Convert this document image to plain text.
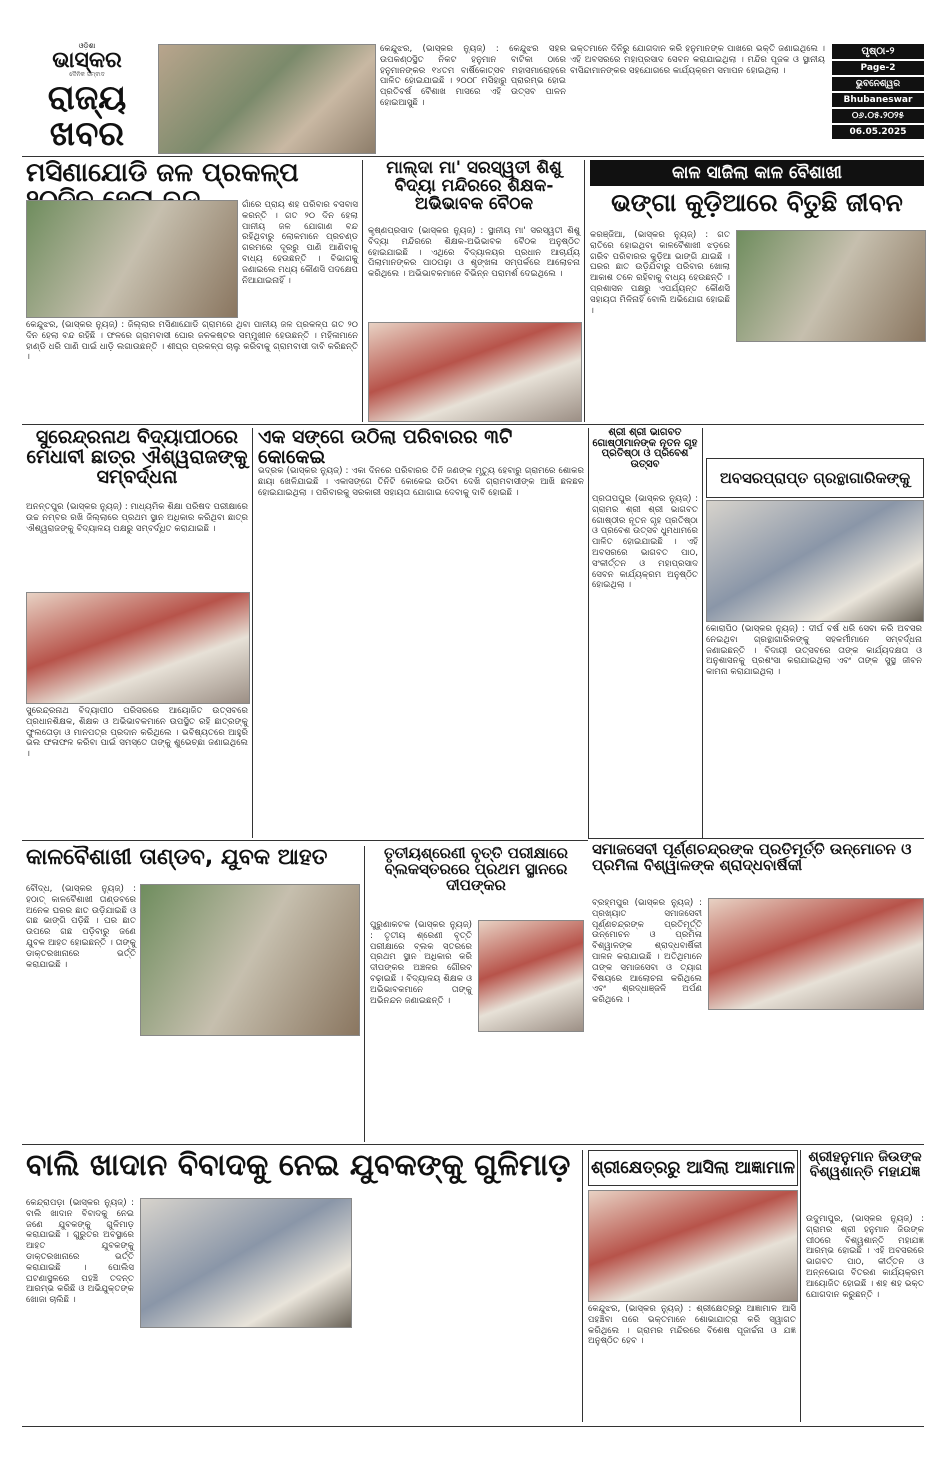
ଓଡ଼ିଶା
ଭାସ୍କର
ଦୈନିକ ସମ୍ବାଦ
ରାଜ୍ୟ
ଖବର

କେନ୍ଦୁଝର, (ଭାସ୍କର ନ୍ୟୁଜ୍) : କେନ୍ଦୁଝର ସହର ଉପକଣ୍ଠସ୍ଥିତ ନିକଟ ହନୁମାନ ବାଟିକା ଠାରେ ହନୁମାନଙ୍କର ୧୪ତମ ବାର୍ଷିକୋତ୍ସବ ମହାସମାରୋହରେ ପାଳିତ ହୋଇଯାଇଛି । ୨୦୦୮ ମସିହାରୁ ପ୍ରାରମ୍ଭ ହୋଇ ପ୍ରତିବର୍ଷ ବୈଶାଖ ମାସରେ ଏହି ଉତ୍ସବ ପାଳନ ହୋଇଆସୁଛି ।

ଭକ୍ତମାନେ ଦିନିରୁ ଯୋଗଦାନ କରି ହନୁମାନଙ୍କ ପାଖରେ ଭକ୍ତି ଜଣାଇଥିଲେ । ଏହି ଅବସରରେ ମହାପ୍ରସାଦ ସେବନ କରାଯାଇଥିଲା । ମନ୍ଦିର ପୂଜକ ଓ ସ୍ଥାନୀୟ ବାସିନ୍ଦାମାନଙ୍କର ସହଯୋଗରେ କାର୍ଯ୍ୟକ୍ରମ ସମାପନ ହୋଇଥିଲା ।

ପୃଷ୍ଠା-୨
Page-2
ଭୁବନେଶ୍ୱର
Bhubaneswar
୦୬.୦୫.୨୦୨୫
06.05.2025
ମସିଣାଯୋଡି ଜଳ ପ୍ରକଳ୍ପ

ଗାଁରେ ପ୍ରାୟ ଶହ ପରିବାର ବସବାସ କରନ୍ତି । ଗତ ୨୦ ଦିନ ହେଲା ପାନୀୟ ଜଳ ଯୋଗାଣ ବନ୍ଦ ରହିଥିବାରୁ ଲୋକମାନେ ପ୍ରଚଣ୍ଡ ଗରମରେ ଦୂରରୁ ପାଣି ଆଣିବାକୁ ବାଧ୍ୟ ହେଉଛନ୍ତି । ବିଭାଗକୁ ଜଣାଇଲେ ମଧ୍ୟ କୌଣସି ପଦକ୍ଷେପ ନିଆଯାଇନାହିଁ ।

କେନ୍ଦୁଝର, (ଭାସ୍କର ନ୍ୟୁଜ୍) : ଜିଲ୍ଲାର ମସିଣାଯୋଡି ଗ୍ରାମରେ ଥିବା ପାନୀୟ ଜଳ ପ୍ରକଳ୍ପ ଗତ ୨୦ ଦିନ ହେଲା ବନ୍ଦ ରହିଛି । ଫଳରେ ଗ୍ରାମବାସୀ ଘୋର ଜଳକଷ୍ଟର ସମ୍ମୁଖୀନ ହେଉଛନ୍ତି । ମହିଳାମାନେ ହାଣ୍ଡି ଧରି ପାଣି ପାଇଁ ଧାଡ଼ି ଲଗାଉଛନ୍ତି । ଶୀଘ୍ର ପ୍ରକଳ୍ପ ଚାଲୁ କରିବାକୁ ଗ୍ରାମବାସୀ ଦାବି କରିଛନ୍ତି ।

ମାଲ୍ଦା ମା' ସରସ୍ୱତୀ ଶିଶୁ ବିଦ୍ୟା ମନ୍ଦିରରେ ଶିକ୍ଷକ-ଅଭିଭାବକ ବୈଠକ

କୃଷ୍ଣପ୍ରସାଦ (ଭାସ୍କର ନ୍ୟୁଜ୍) : ସ୍ଥାନୀୟ ମା' ସରସ୍ୱତୀ ଶିଶୁ ବିଦ୍ୟା ମନ୍ଦିରରେ ଶିକ୍ଷକ-ଅଭିଭାବକ ବୈଠକ ଅନୁଷ୍ଠିତ ହୋଇଯାଇଛି । ଏଥିରେ ବିଦ୍ୟାଳୟର ପ୍ରଧାନ ଆଚାର୍ଯ୍ୟ ପିଲାମାନଙ୍କର ପାଠପଢ଼ା ଓ ଶୃଙ୍ଖଳା ସମ୍ପର୍କରେ ଆଲୋଚନା କରିଥିଲେ । ଅଭିଭାବକମାନେ ବିଭିନ୍ନ ପରାମର୍ଶ ଦେଇଥିଲେ ।

କାଳ ସାଜିଲା କାଳ ବୈଶାଖୀ
ଭଙ୍ଗା କୁଡ଼ିଆରେ ବିତୁଛି ଜୀବନ

କରଞ୍ଜିଆ, (ଭାସ୍କର ନ୍ୟୁଜ୍) : ଗତ ରାତିରେ ହୋଇଥିବା କାଳବୈଶାଖୀ ଝଡ଼ରେ ଗରିବ ପରିବାରର କୁଡ଼ିଆ ଭାଙ୍ଗି ଯାଇଛି । ଘରର ଛାତ ଉଡ଼ିଯିବାରୁ ପରିବାର ଖୋଲା ଆକାଶ ତଳେ ରହିବାକୁ ବାଧ୍ୟ ହେଉଛନ୍ତି । ପ୍ରଶାସନ ପକ୍ଷରୁ ଏପର୍ଯ୍ୟନ୍ତ କୌଣସି ସହାୟତା ମିଳିନାହିଁ ବୋଲି ଅଭିଯୋଗ ହୋଇଛି ।

ସୁରେନ୍ଦ୍ରନାଥ ବିଦ୍ୟାପୀଠରେ ମେଧାବୀ ଛାତ୍ର ଐଶ୍ୱରାଜଙ୍କୁ ସମ୍ବର୍ଦ୍ଧନା

ଅନନ୍ତପୁର (ଭାସ୍କର ନ୍ୟୁଜ୍) : ମାଧ୍ୟମିକ ଶିକ୍ଷା ପରିଷଦ ପରୀକ୍ଷାରେ ଉଚ୍ଚ ନମ୍ବର ରଖି ଜିଲ୍ଲାରେ ପ୍ରଥମ ସ୍ଥାନ ଅଧିକାର କରିଥିବା ଛାତ୍ର ଐଶ୍ୱରାଜଙ୍କୁ ବିଦ୍ୟାଳୟ ପକ୍ଷରୁ ସମ୍ବର୍ଦ୍ଧିତ କରାଯାଇଛି ।

ସୁରେନ୍ଦ୍ରନାଥ ବିଦ୍ୟାପୀଠ ପରିସରରେ ଆୟୋଜିତ ଉତ୍ସବରେ ପ୍ରଧାନଶିକ୍ଷକ, ଶିକ୍ଷକ ଓ ଅଭିଭାବକମାନେ ଉପସ୍ଥିତ ରହି ଛାତ୍ରଙ୍କୁ ଫୁଲତୋଡ଼ା ଓ ମାନପତ୍ର ପ୍ରଦାନ କରିଥିଲେ । ଭବିଷ୍ୟତରେ ଆହୁରି ଭଲ ଫଳାଫଳ କରିବା ପାଇଁ ସମସ୍ତେ ତାଙ୍କୁ ଶୁଭେଚ୍ଛା ଜଣାଇଥିଲେ ।

ଏକ ସଙ୍ଗେ ଉଠିଲା ପରିବାରର ୩ଟି କୋକେଇ

ଭଦ୍ରକ (ଭାସ୍କର ନ୍ୟୁଜ୍) : ଏକା ଦିନରେ ପରିବାରର ତିନି ଜଣଙ୍କ ମୃତ୍ୟୁ ହେବାରୁ ଗ୍ରାମରେ ଶୋକର ଛାୟା ଖେଳିଯାଇଛି । ଏକାସଙ୍ଗେ ତିନିଟି କୋକେଇ ଉଠିବା ଦେଖି ଗ୍ରାମବାସୀଙ୍କ ଆଖି ଛଳଛଳ ହୋଇଯାଇଥିଲା । ପରିବାରକୁ ସରକାରୀ ସହାୟତା ଯୋଗାଇ ଦେବାକୁ ଦାବି ହୋଇଛି ।

ଶ୍ରୀ ଶ୍ରୀ ଭାଗବତ ଗୋଷ୍ଠୀମାନଙ୍କ ନୂତନ ଗୃହ ପ୍ରତିଷ୍ଠା ଓ ପ୍ରବେଶ ଉତ୍ସବ

ପ୍ରତାପପୁର (ଭାସ୍କର ନ୍ୟୁଜ୍) : ଗ୍ରାମର ଶ୍ରୀ ଶ୍ରୀ ଭାଗବତ ଗୋଷ୍ଠୀର ନୂତନ ଗୃହ ପ୍ରତିଷ୍ଠା ଓ ପ୍ରବେଶ ଉତ୍ସବ ଧୁମଧାମରେ ପାଳିତ ହୋଇଯାଇଛି । ଏହି ଅବସରରେ ଭାଗବତ ପାଠ, ସଂକୀର୍ତ୍ତନ ଓ ମହାପ୍ରସାଦ ସେବନ କାର୍ଯ୍ୟକ୍ରମ ଅନୁଷ୍ଠିତ ହୋଇଥିଲା ।

ଅବସରପ୍ରାପ୍ତ ଗ୍ରନ୍ଥାଗାରିକଙ୍କୁ

କୋରାପିଠ (ଭାସ୍କର ନ୍ୟୁଜ୍) : ଦୀର୍ଘ ବର୍ଷ ଧରି ସେବା କରି ଅବସର ନେଇଥିବା ଗ୍ରନ୍ଥାଗାରିକଙ୍କୁ ସହକର୍ମୀମାନେ ସମ୍ବର୍ଦ୍ଧନା ଜଣାଇଛନ୍ତି । ବିଦାୟୀ ଉତ୍ସବରେ ତାଙ୍କ କାର୍ଯ୍ୟଦକ୍ଷତା ଓ ଅନୁଶାସନକୁ ପ୍ରଶଂସା କରାଯାଇଥିଲା ଏବଂ ତାଙ୍କ ସୁସ୍ଥ ଜୀବନ କାମନା କରାଯାଇଥିଲା ।

ସମାଜସେବୀ ପୂର୍ଣ୍ଣଚନ୍ଦ୍ରଙ୍କ ପ୍ରତିମୂର୍ତ୍ତି ଉନ୍ମୋଚନ ଓ ପ୍ରମିଳା ବିଶ୍ୱାଳଙ୍କ ଶ୍ରାଦ୍ଧବାର୍ଷିକୀ

ବ୍ରହ୍ମପୁର (ଭାସ୍କର ନ୍ୟୁଜ୍) : ପ୍ରଖ୍ୟାତ ସମାଜସେବୀ ପୂର୍ଣ୍ଣଚନ୍ଦ୍ରଙ୍କ ପ୍ରତିମୂର୍ତ୍ତି ଉନ୍ମୋଚନ ଓ ପ୍ରମିଳା ବିଶ୍ୱାଳଙ୍କ ଶ୍ରାଦ୍ଧବାର୍ଷିକୀ ପାଳନ କରାଯାଇଛି । ଅତିଥିମାନେ ତାଙ୍କ ସମାଜସେବା ଓ ତ୍ୟାଗ ବିଷୟରେ ଆଲୋଚନା କରିଥିଲେ ଏବଂ ଶ୍ରଦ୍ଧାଞ୍ଜଳି ଅର୍ପଣ କରିଥିଲେ ।

କାଳବୈଶାଖୀ ତାଣ୍ଡବ, ଯୁବକ ଆହତ

ବୌଦ୍ଧ, (ଭାସ୍କର ନ୍ୟୁଜ୍) : ହଠାତ୍ କାଳବୈଶାଖୀ ତାଣ୍ଡବରେ ଅନେକ ଘରର ଛାତ ଉଡ଼ିଯାଇଛି ଓ ଗଛ ଭାଙ୍ଗି ପଡ଼ିଛି । ଘର ଛାତ ଉପରେ ଗଛ ପଡ଼ିବାରୁ ଜଣେ ଯୁବକ ଆହତ ହୋଇଛନ୍ତି । ତାଙ୍କୁ ଡାକ୍ତରଖାନାରେ ଭର୍ତ୍ତି କରାଯାଇଛି ।

ତୃତୀୟଶ୍ରେଣୀ ବୃତ୍ତି ପରୀକ୍ଷାରେ ବ୍ଲକସ୍ତରରେ ପ୍ରଥମ ସ୍ଥାନରେ ଦୀପଙ୍କର

ପୁରୁଣାକଟକ (ଭାସ୍କର ନ୍ୟୁଜ୍) : ତୃତୀୟ ଶ୍ରେଣୀ ବୃତ୍ତି ପରୀକ୍ଷାରେ ବ୍ଲକ ସ୍ତରରେ ପ୍ରଥମ ସ୍ଥାନ ଅଧିକାର କରି ଦୀପଙ୍କର ଅଞ୍ଚଳର ଗୌରବ ବଢ଼ାଇଛି । ବିଦ୍ୟାଳୟ ଶିକ୍ଷକ ଓ ଅଭିଭାବକମାନେ ତାଙ୍କୁ ଅଭିନନ୍ଦନ ଜଣାଇଛନ୍ତି ।

ବାଲି ଖାଦାନ ବିବାଦକୁ ନେଇ ଯୁବକଙ୍କୁ ଗୁଳିମାଡ଼

କେନ୍ଦ୍ରାପଡ଼ା (ଭାସ୍କର ନ୍ୟୁଜ୍) : ବାଲି ଖାଦାନ ବିବାଦକୁ ନେଇ ଜଣେ ଯୁବକଙ୍କୁ ଗୁଳିମାଡ଼ କରାଯାଇଛି । ଗୁରୁତର ଅବସ୍ଥାରେ ଆହତ ଯୁବକଙ୍କୁ ଡାକ୍ତରଖାନାରେ ଭର୍ତ୍ତି କରାଯାଇଛି । ପୋଲିସ ଘଟଣାସ୍ଥଳରେ ପହଞ୍ଚି ତଦନ୍ତ ଆରମ୍ଭ କରିଛି ଓ ଅଭିଯୁକ୍ତଙ୍କ ଖୋଜା ଚାଲିଛି ।

ଶ୍ରୀକ୍ଷେତ୍ରରୁ ଆସିଲା ଆଜ୍ଞାମାଳ

କେନ୍ଦୁଝର, (ଭାସ୍କର ନ୍ୟୁଜ୍) : ଶ୍ରୀକ୍ଷେତ୍ରରୁ ଆଜ୍ଞାମାଳ ଆସି ପହଞ୍ଚିବା ପରେ ଭକ୍ତମାନେ ଶୋଭାଯାତ୍ରା କରି ସ୍ୱାଗତ କରିଥିଲେ । ଗ୍ରାମର ମନ୍ଦିରରେ ବିଶେଷ ପୂଜାର୍ଚ୍ଚନା ଓ ଯଜ୍ଞ ଅନୁଷ୍ଠିତ ହେବ ।

ଶ୍ରୀହନୁମାନ ଜିଉଙ୍କ ବିଶ୍ୱଶାନ୍ତି ମହାଯଜ୍ଞ

ଉଦୁମାପୁର, (ଭାସ୍କର ନ୍ୟୁଜ୍) : ଗ୍ରାମର ଶ୍ରୀ ହନୁମାନ ଜିଉଙ୍କ ପୀଠରେ ବିଶ୍ୱଶାନ୍ତି ମହାଯଜ୍ଞ ଆରମ୍ଭ ହୋଇଛି । ଏହି ଅବସରରେ ଭାଗବତ ପାଠ, କୀର୍ତ୍ତନ ଓ ଅନ୍ନଭୋଗ ବିତରଣ କାର୍ଯ୍ୟକ୍ରମ ଆୟୋଜିତ ହୋଇଛି । ଶହ ଶହ ଭକ୍ତ ଯୋଗଦାନ କରୁଛନ୍ତି ।
